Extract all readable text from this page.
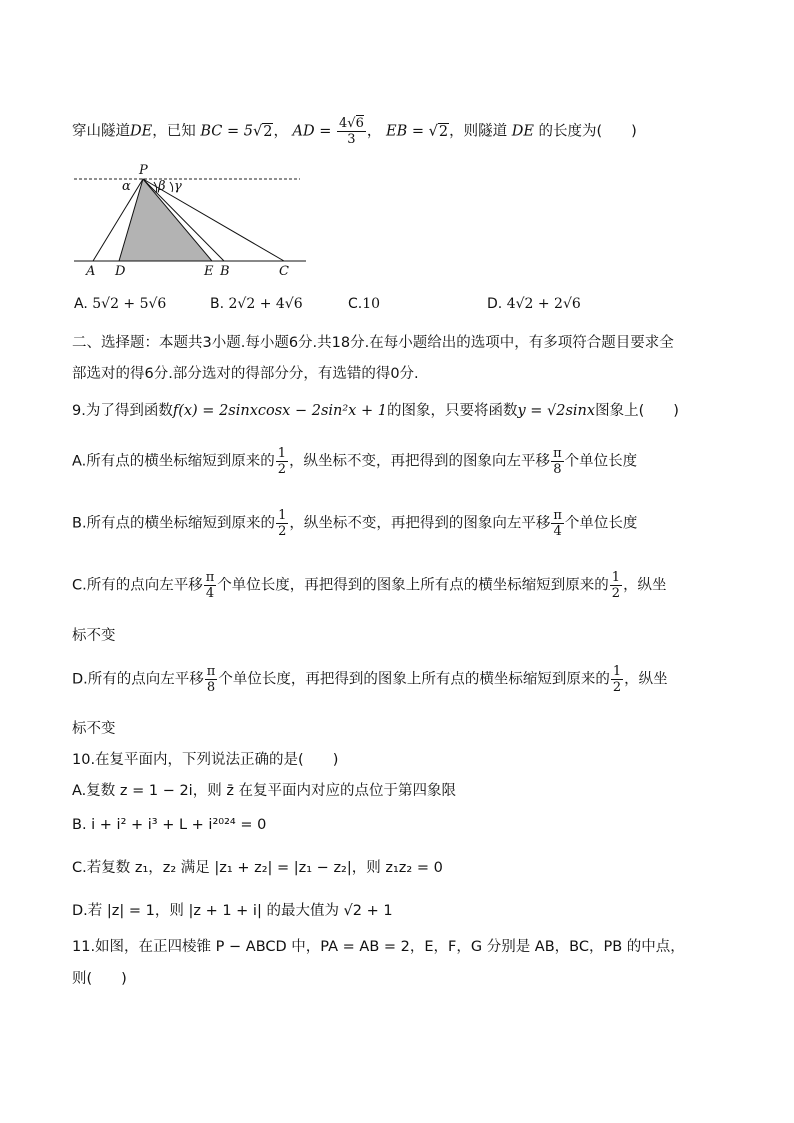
穿山隧道DE，已知 BC = 5√2， AD = $\frac{4√6}{3}$ ， EB = √2，则隧道 DE 的长度为(　　)
P
α β γ
A D	E B	C
A. 5√2 + 5√6	B. 2√2 + 4√6	C.10	D. 4√2 + 2√6
二、选择题：本题共3小题.每小题6分.共18分.在每小题给出的选项中，有多项符合题目要求全
部选对的得6分.部分选对的得部分分，有选错的得0分.
9.为了得到函数f(x) = 2sinxcosx − 2sin²x + 1的图象，只要将函数y = √2sinx图象上(　　)
A.所有点的横坐标缩短到原来的 $\frac{1}{2}$ ，纵坐标不变，再把得到的图象向左平移 $\frac{\pi}{8}$ 个单位长度
B.所有点的横坐标缩短到原来的 $\frac{1}{2}$ ，纵坐标不变，再把得到的图象向左平移 $\frac{\pi}{4}$ 个单位长度
C.所有的点向左平移 $\frac{\pi}{4}$ 个单位长度，再把得到的图象上所有点的横坐标缩短到原来的 $\frac{1}{2}$ ，纵坐
标不变
D.所有的点向左平移 $\frac{\pi}{8}$ 个单位长度，再把得到的图象上所有点的横坐标缩短到原来的 $\frac{1}{2}$ ，纵坐
标不变
10.在复平面内，下列说法正确的是(　　)
A.复数 z = 1 − 2i，则 z̄ 在复平面内对应的点位于第四象限
B. i + i² + i³ + L + i²⁰²⁴ = 0
C.若复数 z₁，z₂ 满足 |z₁ + z₂| = |z₁ − z₂|，则 z₁z₂ = 0
D.若 |z| = 1，则 |z + 1 + i| 的最大值为 √2 + 1
11.如图，在正四棱锥 P − ABCD 中，PA = AB = 2，E，F，G 分别是 AB，BC，PB 的中点，
则(　　)
